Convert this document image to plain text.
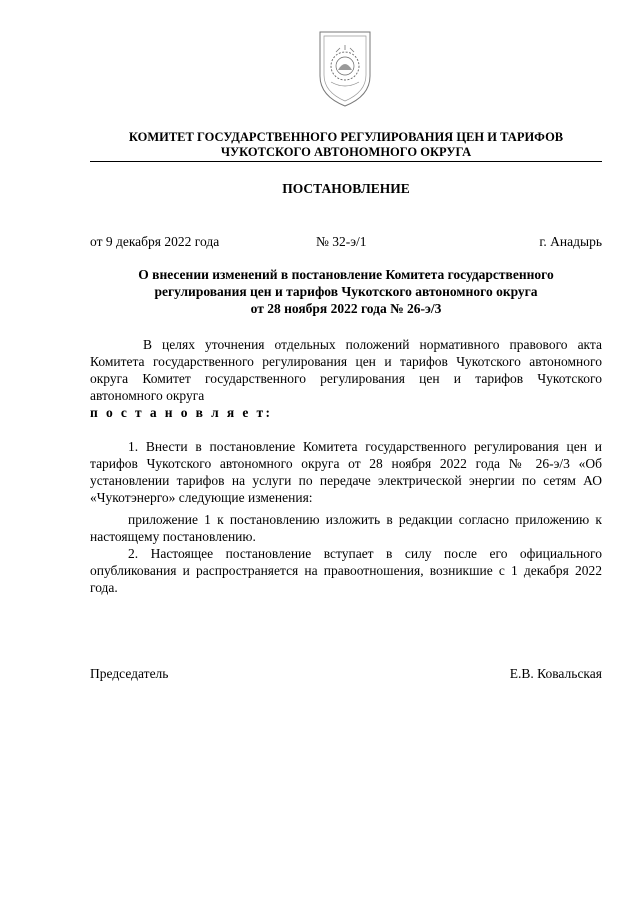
КОМИТЕТ ГОСУДАРСТВЕННОГО РЕГУЛИРОВАНИЯ ЦЕН И ТАРИФОВ
ЧУКОТСКОГО АВТОНОМНОГО ОКРУГА
ПОСТАНОВЛЕНИЕ
от 9 декабря 2022 года	№ 32-э/1	г. Анадырь
О внесении изменений в постановление Комитета государственного
регулирования цен и тарифов Чукотского автономного округа
от 28 ноября 2022 года № 26-э/3
В целях уточнения отдельных положений нормативного правового акта Комитета государственного регулирования цен и тарифов Чукотского автономного округа Комитет государственного регулирования цен и тарифов Чукотского автономного округа
п о с т а н о в л я е т:
1. Внести в постановление Комитета государственного регулирования цен и тарифов Чукотского автономного округа от 28 ноября 2022 года № 26-э/3 «Об установлении тарифов на услуги по передаче электрической энергии по сетям АО «Чукотэнерго» следующие изменения:
приложение 1 к постановлению изложить в редакции согласно приложению к настоящему постановлению.
2. Настоящее постановление вступает в силу после его официального опубликования и распространяется на правоотношения, возникшие с 1 декабря 2022 года.
Председатель	Е.В. Ковальская
